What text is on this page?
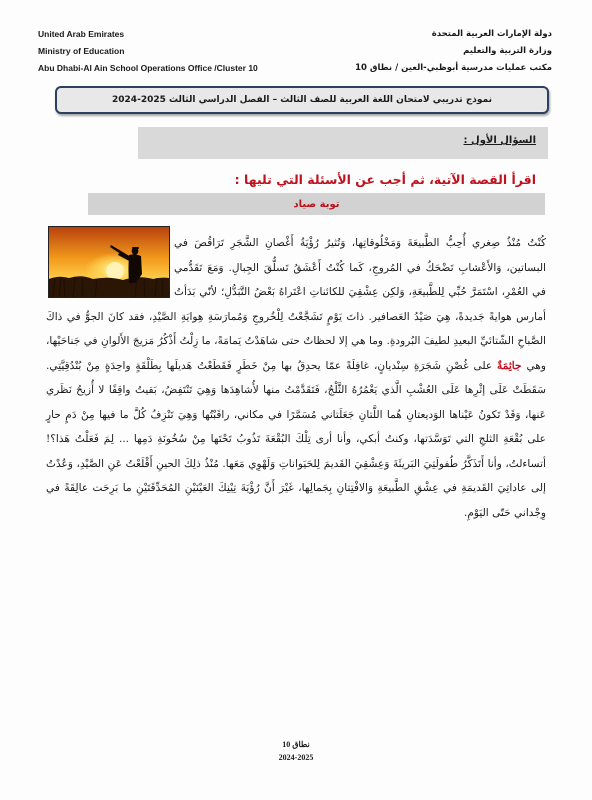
United Arab Emirates
Ministry of Education
Abu Dhabi-Al Ain School Operations Office /Cluster 10
دولة الإمارات العربية المتحدة
وزارة التربية والتعليم
مكتب عمليات مدرسية أبوظبي-العين / نطاق 10
نموذج تدريبي لامتحان اللغة العربية للصف الثالث – الفصل الدراسي الثالث 2025-2024
السؤال الأول :
اقرأ القصة الآتية، ثم أجب عن الأسئلة التي تليها :
توبة صياد

كُنْتُ مُنْذُ صِغري أُحِبُّ الطَّبيعَةَ وَمَخْلُوقاتِها، وَتُثيرُ رُؤْيَةُ أَغْصانِ الشَّجَرِ تَرَاقُصَ في البساتين، وَالأَعْشابِ تَضْحَكُ في المُروجِ، كَما كُنْتُ أَعْشَقُ تَسلُّقَ الجِبالِ. وَمَعَ تَقَدُّمي في العُمْرِ، اسْتَمَرَّ حُبِّي لِلطَّبيعَةِ، وَلكِن عِشْقِيَ للكائناتِ اعْتَراهُ بَعْضُ التَّبَدُّلِ؛ لأنّي بَدَأتُ أمارس هوايةً جَديدةً، هِيَ صَيْدُ العَصافير. ذاتَ يَوْمٍ تَشَجَّعْتُ لِلْخُروجِ وَمُمارَسَةِ هِوايَةِ الصَّيْدِ، فقد كانَ الجوُّ في ذاكَ الصَّباحِ الشّتائيِّ البعيدِ لطيفَ البُرودةِ. وما هي إلا لحظاتٌ حتى شاهَدْتُ يَمامَةً، ما زِلْتُ أَذْكُرُ مَزيجَ الأَلوانِ في جَناحَيْها، وهي جاثِمَةٌ على غُصْنِ شَجَرَةِ سِنْديانٍ، غافِلَةً عمّا يحدِقُ بها مِنْ خَطَرٍ فَقَطَعْتُ هَديلَها بِطَلْقَةٍ واحِدَةٍ مِنْ بُنْدُقِيَّتِي. سَقَطَتْ عَلَى إثْرِها عَلَى العُشْبِ الَّذي يَغْمُرُهُ الثَّلْجُ، فَتَقَدَّمْتُ منها لأُشاهِدَها وَهِيَ تَنْتَفِضُ، بَقيتُ واقِفًا لا أُزيحُ نَظَري عَنها، وَقَدْ تَكونُ عَيْناها الوَديعتانِ هُما اللَّتانِ جَعَلَتاني مُسَمَّرًا في مكاني، راقَبْتُها وَهِيَ تَنْزِفُ كُلَّ ما فيها مِنْ دَمٍ حارٍ على بُقْعَةِ الثلجِ التي تَوَسَّدَتها، وكنتُ أبكي، وأنا أرى تِلْكَ البُقْعَةَ تَذُوبُ تَحْتَها مِنْ سُخُونَةِ دَمِها ... لِمَ فَعَلْتُ هَذا؟! أتساءلتُ، وأنا أَتَذَكَّرُ طُفولَتِيَ البَريئَةَ وَعِشْقِيَ القَديمَ لِلحَيَواناتِ وَلَهْوِي مَعَها. مُنْذُ ذلِكَ الحينِ أَقْلَعْتُ عَنِ الصَّيْدِ، وَعُدْتُ إلى عاداتِيَ القَديمَةِ في عِشْقِ الطَّبيعَةِ وَالافْتِتانِ بِجَمالِها، غَيْرَ أَنَّ رُؤْيَةَ تِيْنِكَ العَيْنَيْنِ المُحَدِّقَتَيْنِ ما بَرِحَت عالِقَةً في وِجْداني حَتّى اليَوْمِ.

نطاق 10
2024-2025
